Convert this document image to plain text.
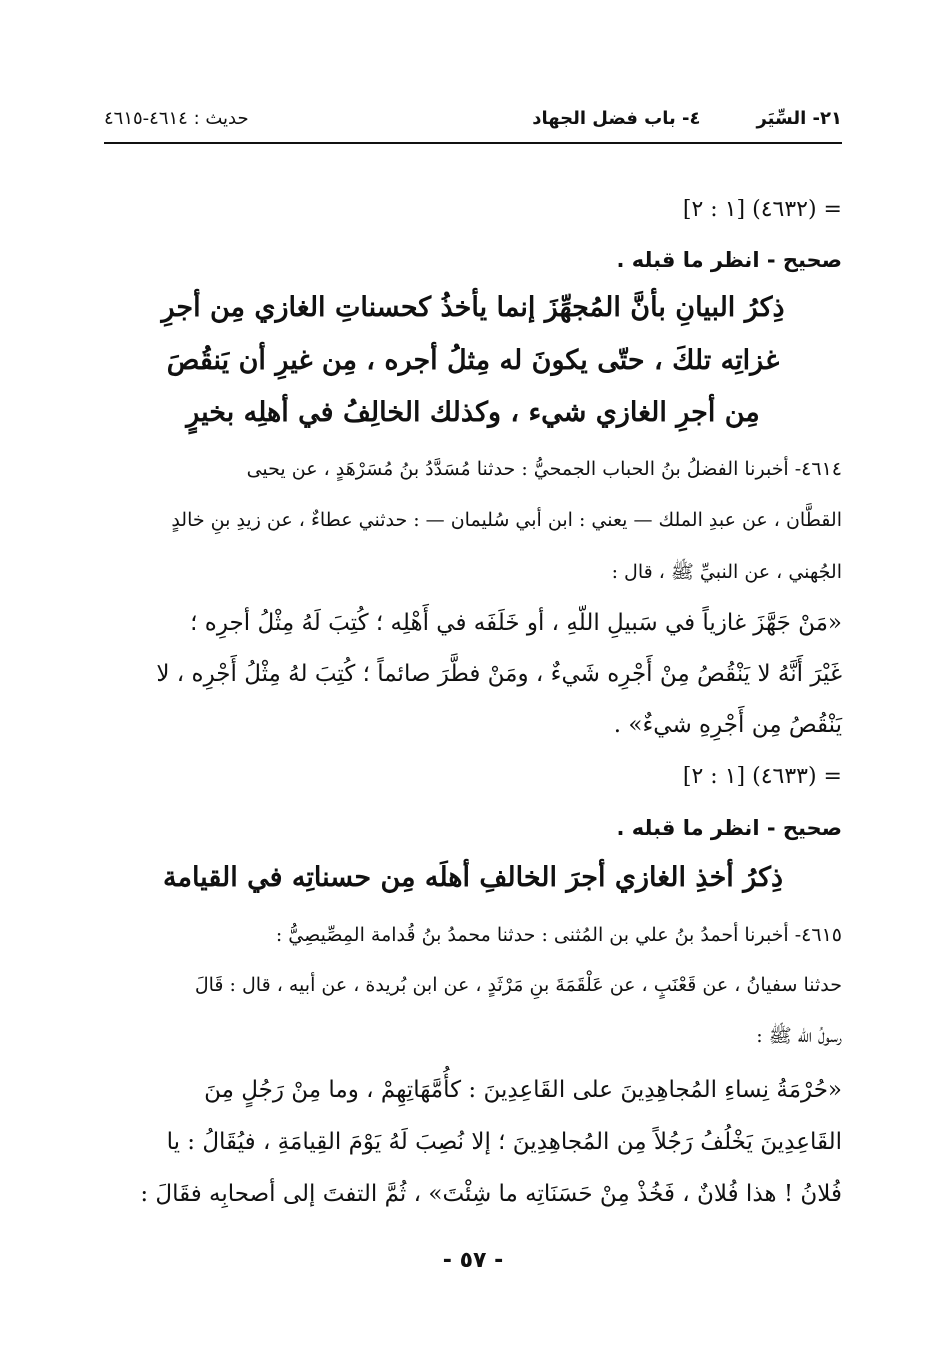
٢١- السِّيَر٤- باب فضل الجهاد
حديث : ٤٦١٤-٤٦١٥
= (٤٦٣٢) [١ : ٢]
صحيح - انظر ما قبله .
ذِكرُ البيانِ بأنَّ المُجهِّزَ إنما يأخذُ كحسناتِ الغازي مِن أجرِ
غزاتِه تلكَ ، حتّى يكونَ له مِثلُ أجره ، مِن غيرِ أن يَنقُصَ
مِن أجرِ الغازي شيء ، وكذلك الخالِفُ في أهلِه بخيرٍ
٤٦١٤- أخبرنا الفضلُ بنُ الحباب الجمحيُّ : حدثنا مُسَدَّدُ بنُ مُسَرْهَدٍ ، عن يحيى
القطَّان ، عن عبدِ الملك — يعني : ابن أبي سُليمان — : حدثني عطاءٌ ، عن زيدِ بنِ خالدٍ
الجُهني ، عن النبيِّ ﷺ ، قال :
«مَنْ جَهَّزَ غازياً في سَبيلِ اللّهِ ، أو خَلَفَه في أَهْلِه ؛ كُتِبَ لَهُ مِثْلُ أجرِه ؛
غَيْرَ أَنَّهُ لا يَنْقُصُ مِنْ أَجْرِه شَيءٌ ، ومَنْ فطَّرَ صائماً ؛ كُتِبَ لهُ مِثْلُ أَجْرِه ، لا
يَنْقُصُ مِن أَجْرِهِ شيءٌ» .
= (٤٦٣٣) [١ : ٢]
صحيح - انظر ما قبله .
ذِكرُ أخذِ الغازي أجرَ الخالفِ أهلَه مِن حسناتِه في القيامة
٤٦١٥- أخبرنا أحمدُ بنُ علي بن المُثنى : حدثنا محمدُ بنُ قُدامة المِصِّيصِيُّ :
حدثنا سفيانُ ، عن قَعْنَبٍ ، عن عَلْقَمَةَ بنِ مَرْثَدٍ ، عن ابن بُريدة ، عن أبيه ، قال : قَالَ
رسولُ اللّه ﷺ :
«حُرْمَةُ نِساءِ المُجاهِدِينَ على القَاعِدِينَ : كأُمَّهَاتِهِمْ ، وما مِنْ رَجُلٍ مِنَ
القَاعِدِينَ يَخْلُفُ رَجُلاً مِن المُجاهِدِينَ ؛ إلا نُصِبَ لَهُ يَوْمَ القِيامَةِ ، فيُقَالُ : يا
فُلانُ ! هذا فُلانٌ ، فَخُذْ مِنْ حَسَنَاتِه ما شِئْتَ» ، ثُمَّ التفتَ إلى أصحابِه فقَالَ :
- ٥٧ -
